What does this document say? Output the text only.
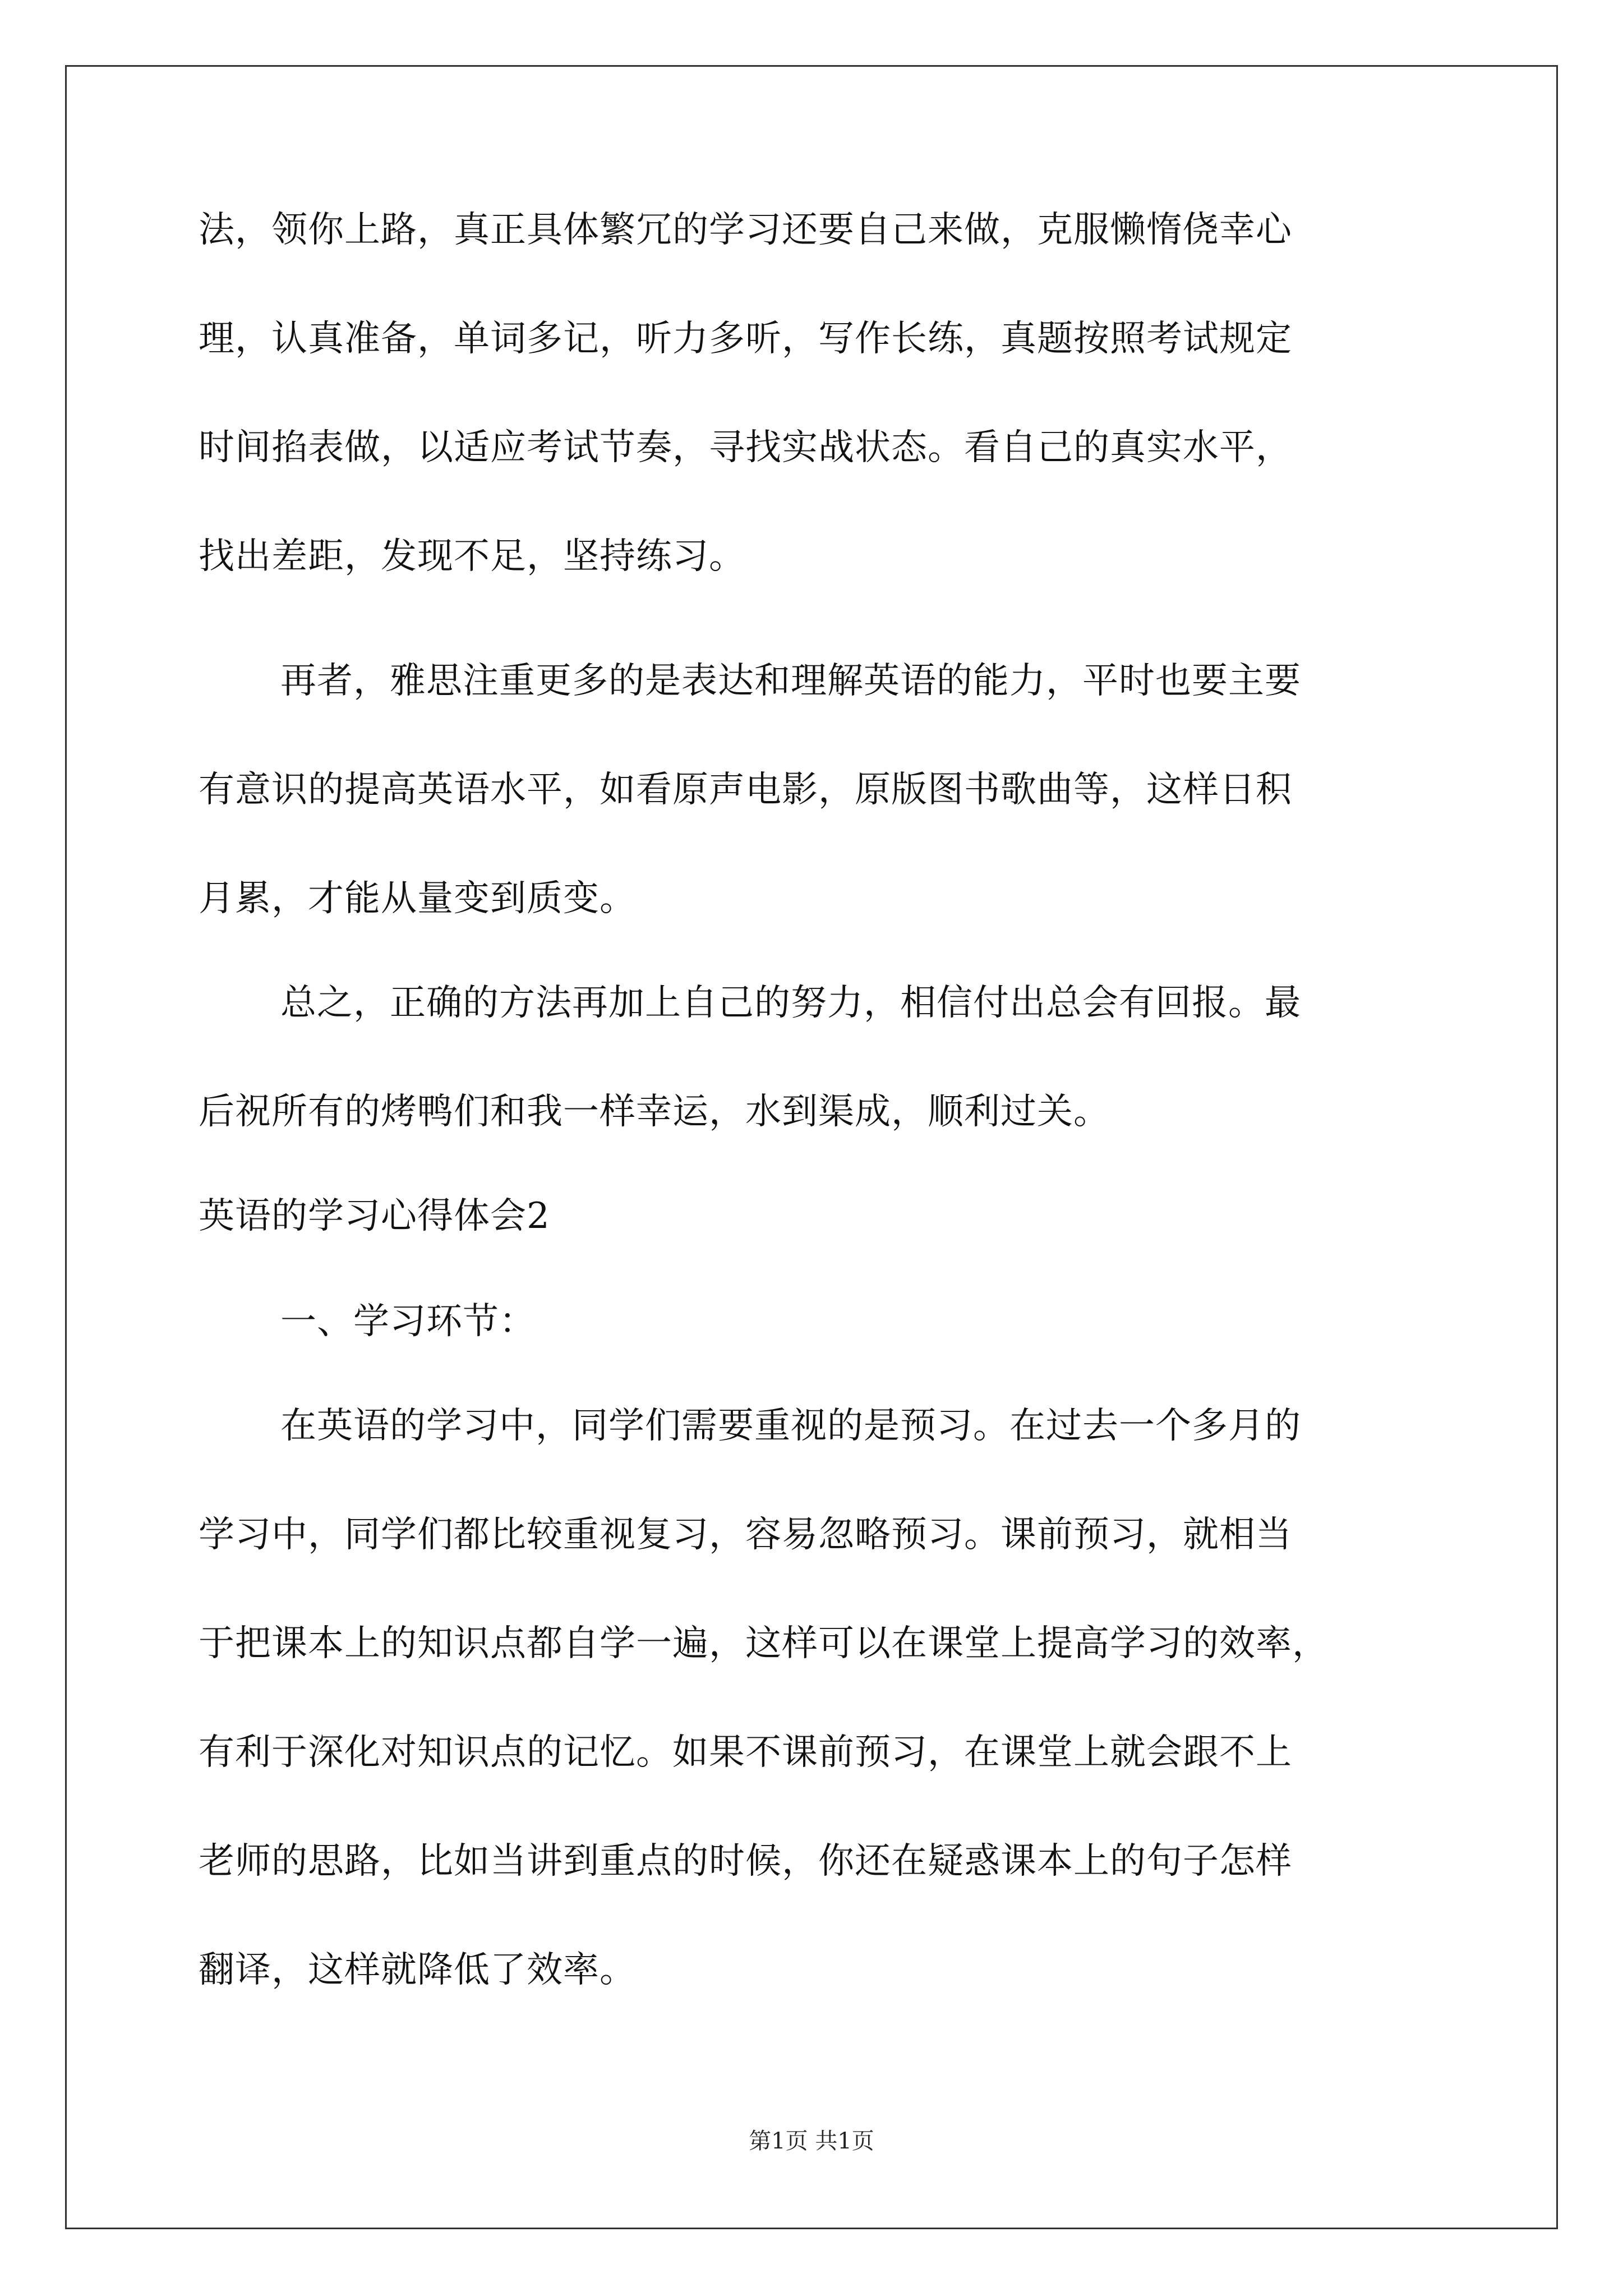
法，领你上路，真正具体繁冗的学习还要自己来做，克服懒惰侥幸心
理，认真准备，单词多记，听力多听，写作长练，真题按照考试规定
时间掐表做，以适应考试节奏，寻找实战状态。看自己的真实水平，
找出差距，发现不足，坚持练习。
再者，雅思注重更多的是表达和理解英语的能力，平时也要主要
有意识的提高英语水平，如看原声电影，原版图书歌曲等，这样日积
月累，才能从量变到质变。
总之，正确的方法再加上自己的努力，相信付出总会有回报。最
后祝所有的烤鸭们和我一样幸运，水到渠成，顺利过关。
英语的学习心得体会2
一、学习环节：
在英语的学习中，同学们需要重视的是预习。在过去一个多月的
学习中，同学们都比较重视复习，容易忽略预习。课前预习，就相当
于把课本上的知识点都自学一遍，这样可以在课堂上提高学习的效率，
有利于深化对知识点的记忆。如果不课前预习，在课堂上就会跟不上
老师的思路，比如当讲到重点的时候，你还在疑惑课本上的句子怎样
翻译，这样就降低了效率。
第1页 共1页
